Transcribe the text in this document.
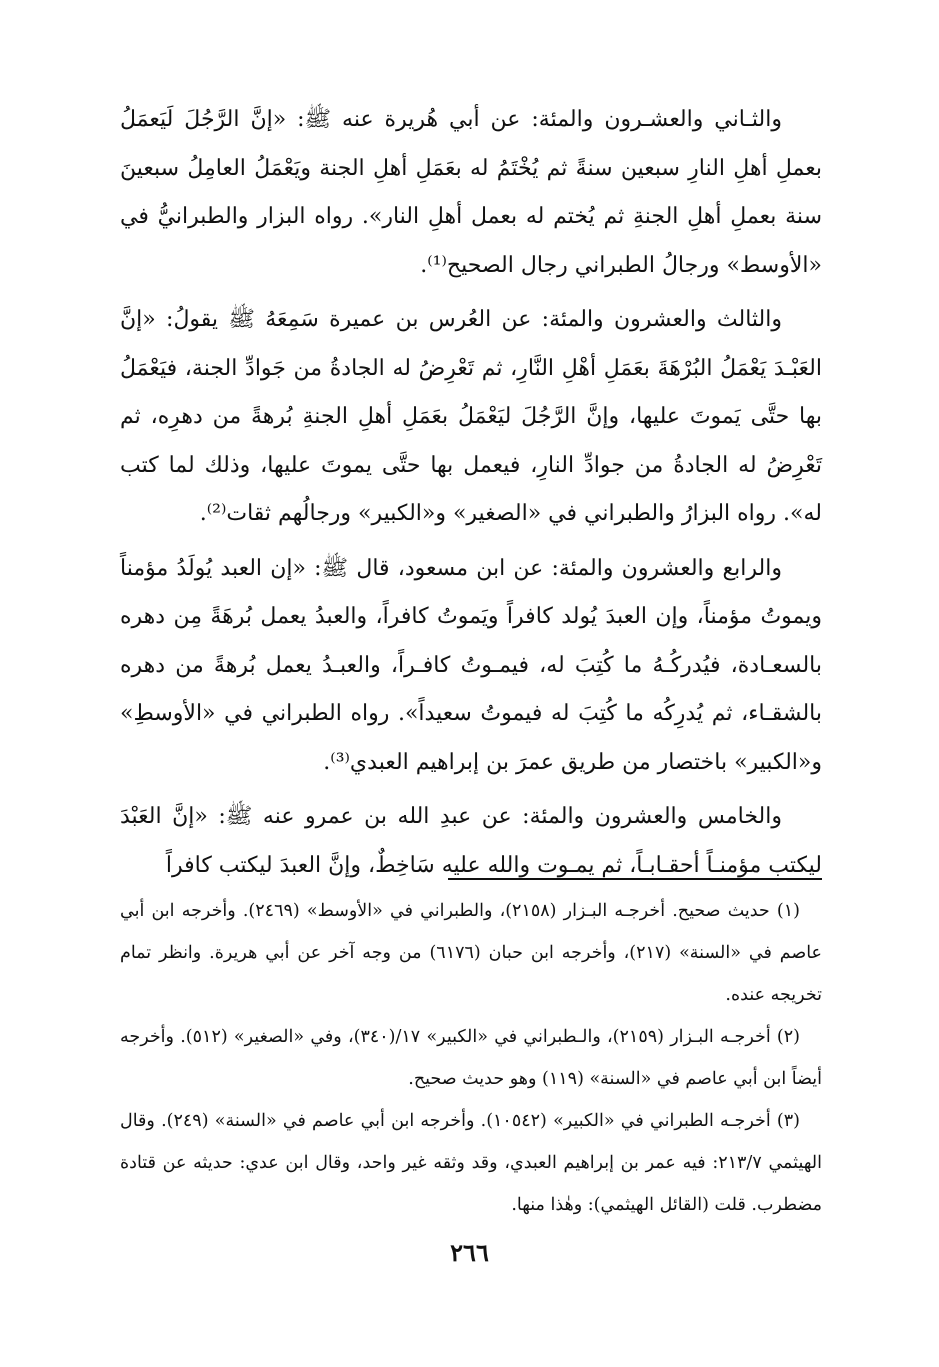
والثـاني والعشـرون والمئة: عن أبي هُريرة عنه ﷺ: «إنَّ الرَّجُلَ لَيَعمَلُ بعملِ أهلِ النارِ سبعين سنةً ثم يُخْتَمُ له بعَمَلِ أهلِ الجنة ويَعْمَلُ العامِلُ سبعينَ سنة بعملِ أهلِ الجنةِ ثم يُختم له بعمل أهلِ النار». رواه البزار والطبرانيُّ في «الأوسط» ورجالُ الطبراني رجال الصحيح⁽¹⁾.

والثالث والعشرون والمئة: عن العُرس بن عميرة سَمِعَهُ ﷺ يقولُ: «إنَّ العَبْـدَ يَعْمَلُ البُرْهَةَ بعَمَلِ أهْلِ النَّارِ، ثم تَعْرِضُ له الجادةُ من جَوادِّ الجنة، فيَعْمَلُ بها حتَّى يَموتَ عليها، وإنَّ الرَّجُلَ ليَعْمَلُ بعَمَلِ أهلِ الجنةِ بُرهةً من دهرِه، ثم تَعْرِضُ له الجادةُ من جوادِّ النارِ، فيعمل بها حتَّى يموتَ عليها، وذلك لما كتب له». رواه البزارُ والطبراني في «الصغير» و«الكبير» ورجالُهم ثقات⁽²⁾.

والرابع والعشرون والمئة: عن ابن مسعود، قال ﷺ: «إن العبد يُولَدُ مؤمناً ويموتُ مؤمناً، وإن العبدَ يُولد كافراً ويَموتُ كافراً، والعبدُ يعمل بُرهَةً مِن دهره بالسعـادة، فيُدركُـهُ ما كُتِبَ له، فيمـوتُ كافـراً، والعبـدُ يعمل بُرهةً من دهره بالشقـاء، ثم يُدرِكُه ما كُتِبَ له فيموتُ سعيداً». رواه الطبراني في «الأوسطِ» و«الكبير» باختصار من طريق عمرَ بن إبراهيم العبدي⁽³⁾.

والخامس والعشرون والمئة: عن عبدِ الله بن عمرو عنه ﷺ: «إنَّ العَبْدَ ليكتب مؤمنـاً أحقـابـاً، ثم يمـوت والله عليه سَاخِطٌ، وإنَّ العبدَ ليكتب كافراً

(١) حديث صحيح. أخرجـه البـزار (٢١٥٨)، والطبراني في «الأوسط» (٢٤٦٩). وأخرجه ابن أبي عاصم في «السنة» (٢١٧)، وأخرجه ابن حبان (٦١٧٦) من وجه آخر عن أبي هريرة. وانظر تمام تخريجه عنده.

(٢) أخرجـه البـزار (٢١٥٩)، والـطبراني في «الكبير» ١٧/(٣٤٠)، وفي «الصغير» (٥١٢). وأخرجه أيضاً ابن أبي عاصم في «السنة» (١١٩) وهو حديث صحيح.

(٣) أخرجـه الطبراني في «الكبير» (١٠٥٤٢). وأخرجه ابن أبي عاصم في «السنة» (٢٤٩). وقال الهيثمي ٢١٣/٧: فيه عمر بن إبراهيم العبدي، وقد وثقه غير واحد، وقال ابن عدي: حديثه عن قتادة مضطرب. قلت (القائل الهيثمي): وهٰذا منها.

٢٦٦
